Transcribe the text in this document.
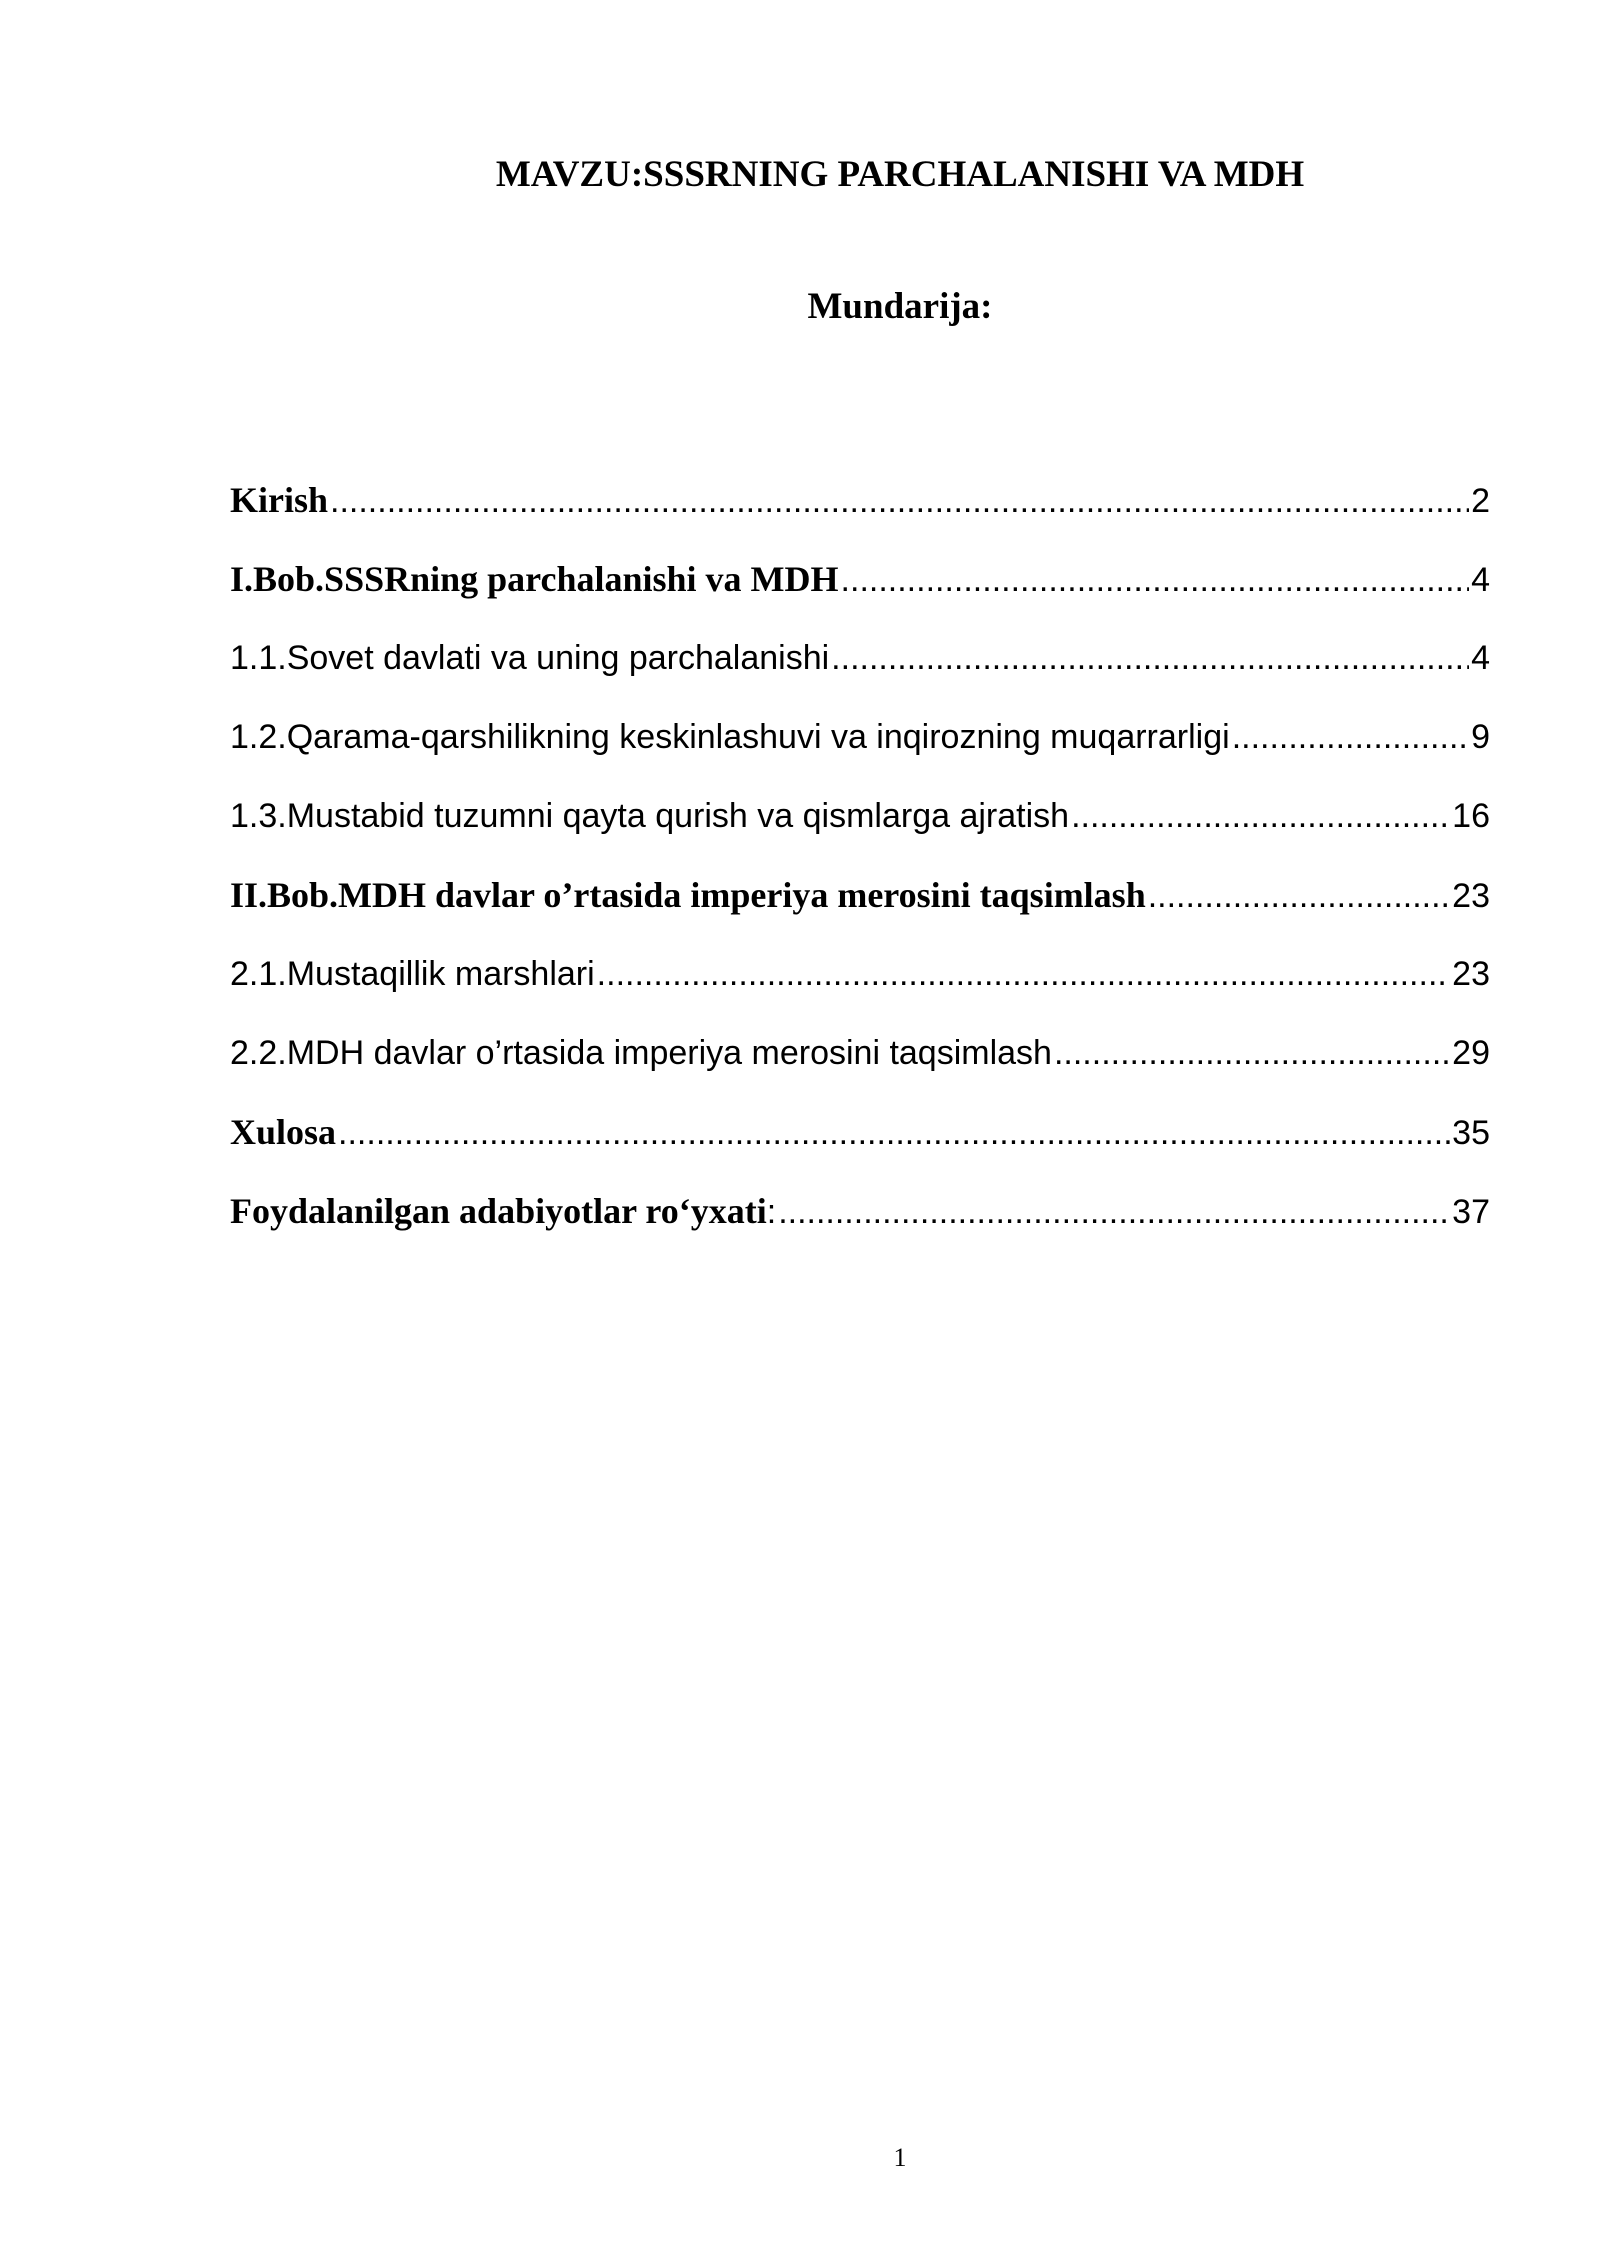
MAVZU:SSSRNING PARCHALANISHI VA MDH
Mundarija:
Kirish .....	2
I.Bob.SSSRning parchalanishi va MDH .....	4
1.1.Sovet davlati va uning parchalanishi .....	4
1.2.Qarama-qarshilikning keskinlashuvi va inqirozning muqarrarligi .....	9
1.3.Mustabid tuzumni qayta qurish va qismlarga ajratish .....	16
II.Bob.MDH davlar o’rtasida imperiya merosini taqsimlash .....	23
2.1.Mustaqillik marshlari .....	23
2.2.MDH davlar o’rtasida imperiya merosini taqsimlash .....	29
Xulosa .....	35
Foydalanilgan adabiyotlar ro‘yxati : .....	37
1
